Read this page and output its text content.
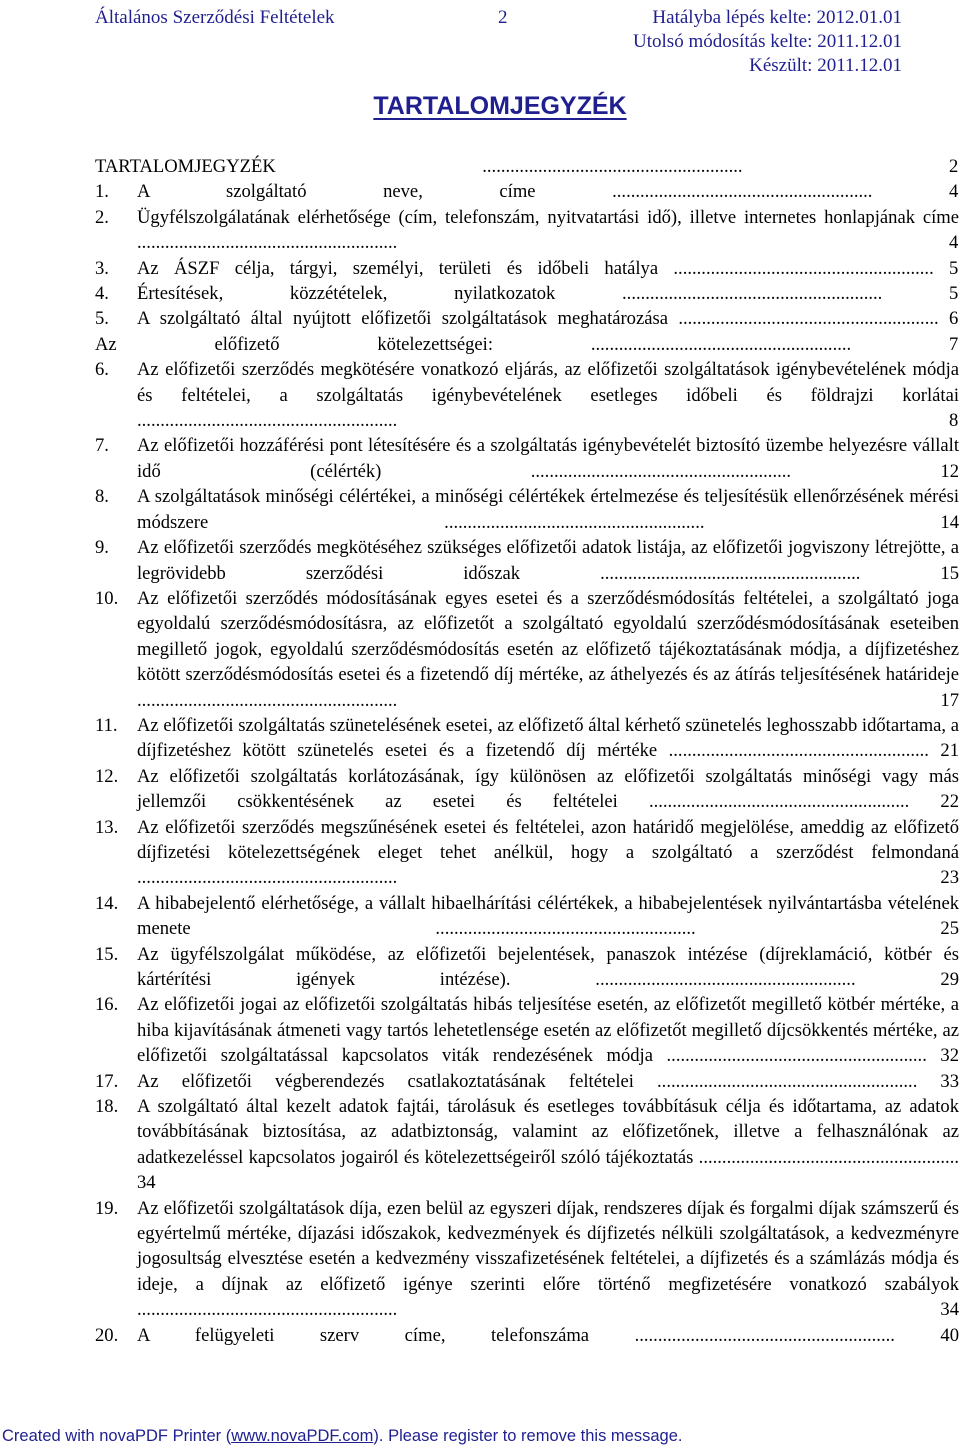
Általános Szerződési Feltételek	2	Hatályba lépés kelte: 2012.01.01
Utolsó módosítás kelte: 2011.12.01
Készült: 2011.12.01
TARTALOMJEGYZÉK
TARTALOMJEGYZÉK ........................................................ 2
1.	A szolgáltató neve, címe ........................................................ 4
2.	Ügyfélszolgálatának elérhetősége (cím, telefonszám, nyitvatartási idő), illetve internetes honlapjának címe ........................................................ 4
3.	Az ÁSZF célja, tárgyi, személyi, területi és időbeli hatálya ........................................................ 5
4.	Értesítések, közzétételek, nyilatkozatok ........................................................ 5
5.	A szolgáltató által nyújtott előfizetői szolgáltatások meghatározása ........................................................ 6
Az előfizető kötelezettségei: ........................................................ 7
6.	Az előfizetői szerződés megkötésére vonatkozó eljárás, az előfizetői szolgáltatások igénybevételének módja és feltételei, a szolgáltatás igénybevételének esetleges időbeli és földrajzi korlátai ........................................................ 8
7.	Az előfizetői hozzáférési pont létesítésére és a szolgáltatás igénybevételét biztosító üzembe helyezésre vállalt idő (célérték) ........................................................ 12
8.	A szolgáltatások minőségi célértékei, a minőségi célértékek értelmezése és teljesítésük ellenőrzésének mérési módszere ........................................................ 14
9.	Az előfizetői szerződés megkötéséhez szükséges előfizetői adatok listája, az előfizetői jogviszony létrejötte, a legrövidebb szerződési időszak ........................................................ 15
10.	Az előfizetői szerződés módosításának egyes esetei és a szerződésmódosítás feltételei, a szolgáltató joga egyoldalú szerződésmódosításra, az előfizetőt a szolgáltató egyoldalú szerződésmódosításának eseteiben megillető jogok, egyoldalú szerződésmódosítás esetén az előfizető tájékoztatásának módja, a díjfizetéshez kötött szerződésmódosítás esetei és a fizetendő díj mértéke, az áthelyezés és az átírás teljesítésének határideje ........................................................ 17
11.	Az előfizetői szolgáltatás szünetelésének esetei, az előfizető által kérhető szünetelés leghosszabb időtartama, a díjfizetéshez kötött szünetelés esetei és a fizetendő díj mértéke ........................................................ 21
12.	Az előfizetői szolgáltatás korlátozásának, így különösen az előfizetői szolgáltatás minőségi vagy más jellemzői csökkentésének az esetei és feltételei ........................................................ 22
13.	Az előfizetői szerződés megszűnésének esetei és feltételei, azon határidő megjelölése, ameddig az előfizető díjfizetési kötelezettségének eleget tehet anélkül, hogy a szolgáltató a szerződést felmondaná ........................................................ 23
14.	A hibabejelentő elérhetősége, a vállalt hibaelhárítási célértékek, a hibabejelentések nyilvántartásba vételének menete ........................................................ 25
15.	Az ügyfélszolgálat működése, az előfizetői bejelentések, panaszok intézése (díjreklamáció, kötbér és kártérítési igények intézése). ........................................................ 29
16.	Az előfizetői jogai az előfizetői szolgáltatás hibás teljesítése esetén, az előfizetőt megillető kötbér mértéke, a hiba kijavításának átmeneti vagy tartós lehetetlensége esetén az előfizetőt megillető díjcsökkentés mértéke, az előfizetői szolgáltatással kapcsolatos viták rendezésének módja ........................................................ 32
17.	Az előfizetői végberendezés csatlakoztatásának feltételei ........................................................ 33
18.	A szolgáltató által kezelt adatok fajtái, tárolásuk és esetleges továbbításuk célja és időtartama, az adatok továbbításának biztosítása, az adatbiztonság, valamint az előfizetőnek, illetve a felhasználónak az adatkezeléssel kapcsolatos jogairól és kötelezettségeiről szóló tájékoztatás ........................................................ 34
19.	Az előfizetői szolgáltatások díja, ezen belül az egyszeri díjak, rendszeres díjak és forgalmi díjak számszerű és egyértelmű mértéke, díjazási időszakok, kedvezmények és díjfizetés nélküli szolgáltatások, a kedvezményre jogosultság elvesztése esetén a kedvezmény visszafizetésének feltételei, a díjfizetés és a számlázás módja és ideje, a díjnak az előfizető igénye szerinti előre történő megfizetésére vonatkozó szabályok ........................................................ 34
20.	A felügyeleti szerv címe, telefonszáma ........................................................ 40
Created with novaPDF Printer (www.novaPDF.com). Please register to remove this message.
